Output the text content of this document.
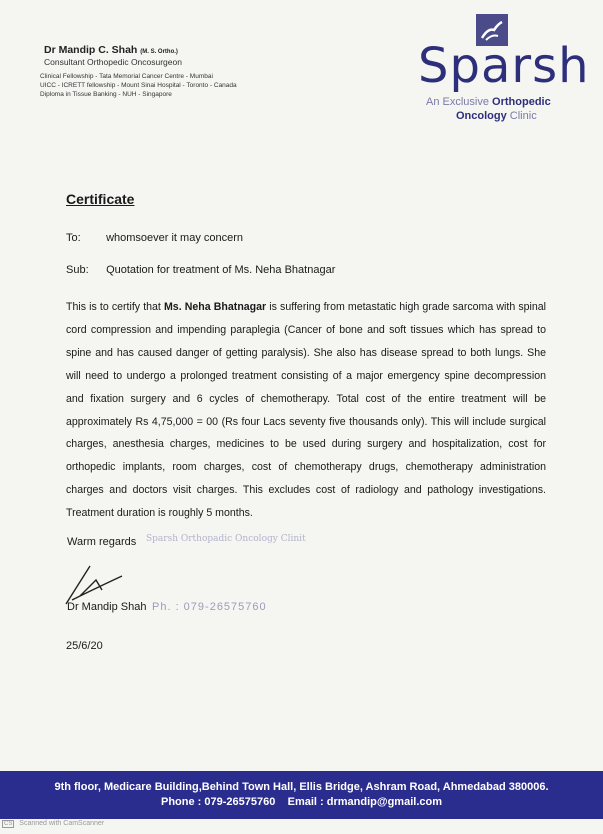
Dr Mandip C. Shah (M. S. Ortho.)
Consultant Orthopedic Oncosurgeon
Clinical Fellowship - Tata Memorial Cancer Centre - Mumbai
UICC - ICRETT fellowship - Mount Sinai Hospital - Toronto - Canada
Diploma in Tissue Banking - NUH - Singapore
Sparsh
An Exclusive Orthopedic
Oncology Clinic
Certificate
To: whomsoever it may concern
Sub: Quotation for treatment of Ms. Neha Bhatnagar
This is to certify that Ms. Neha Bhatnagar is suffering from metastatic high grade sarcoma with spinal cord compression and impending paraplegia (Cancer of bone and soft tissues which has spread to spine and has caused danger of getting paralysis). She also has disease spread to both lungs. She will need to undergo a prolonged treatment consisting of a major emergency spine decompression and fixation surgery and 6 cycles of chemotherapy. Total cost of the entire treatment will be approximately Rs 4,75,000 = 00 (Rs four Lacs seventy five thousands only). This will include surgical charges, anesthesia charges, medicines to be used during surgery and hospitalization, cost for orthopedic implants, room charges, cost of chemotherapy drugs, chemotherapy administration charges and doctors visit charges. This excludes cost of radiology and pathology investigations. Treatment duration is roughly 5 months.
Warm regards Sparsh Orthopadic Oncology Clinit
Ph. : 079-26575760
Dr Mandip Shah
25/6/20
9th floor, Medicare Building,Behind Town Hall, Ellis Bridge, Ashram Road, Ahmedabad 380006.
Phone : 079-26575760 Email : drmandip@gmail.com
CS Scanned with CamScanner
